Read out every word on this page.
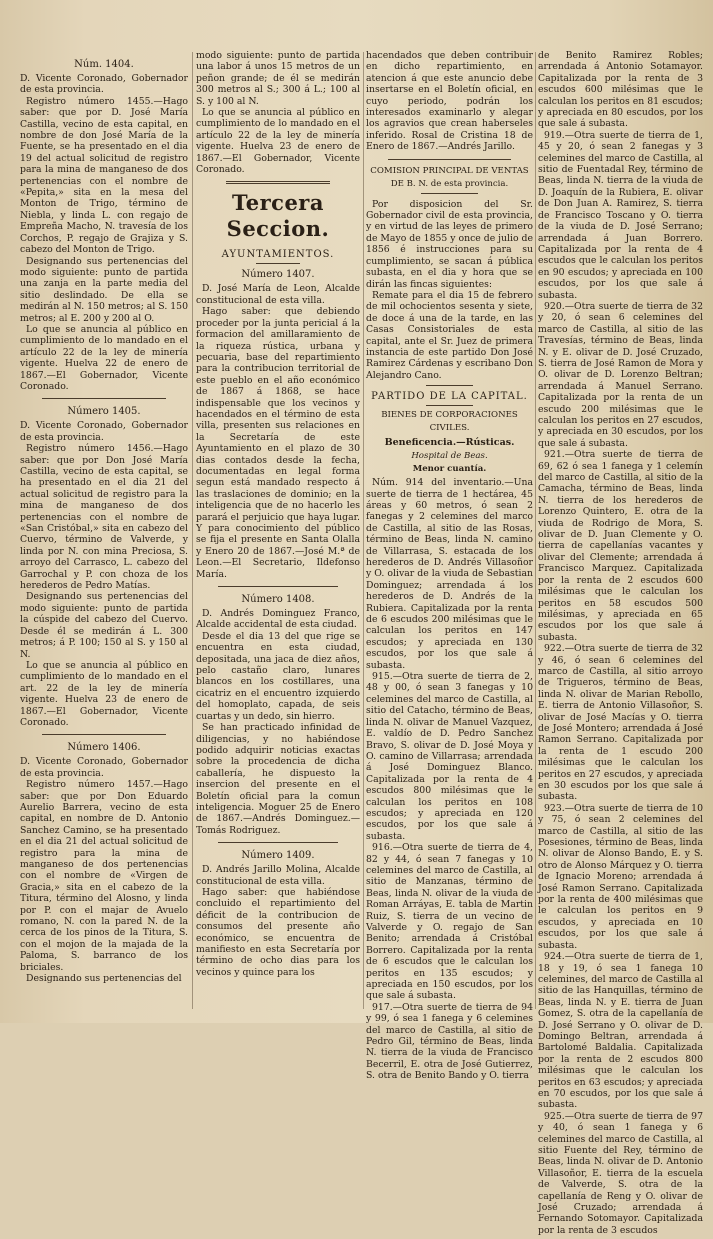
Núm. 1404.

D. Vicente Coronado, Gobernador de esta provincia.

Registro número 1455.—Hago saber: que por D. José María Castilla, vecino de esta capital, en nombre de don José María de la Fuente, se ha presentado en el dia 19 del actual solicitud de registro para la mina de manganeso de dos pertenencias con el nombre de «Pepita,» sita en la mesa del Monton de Trigo, término de Niebla, y linda L. con regajo de Empreña Macho, N. travesía de los Corchos, P. regajo de Grajiza y S. cabezo del Monton de Trigo.

Designando sus pertenencias del modo siguiente: punto de partida una zanja en la parte media del sitio deslindado. De ella se medirán al N. 150 metros; al S. 150 metros; al E. 200 y 200 al O.

Lo que se anuncia al público en cumplimiento de lo mandado en el artículo 22 de la ley de minería vigente. Huelva 22 de enero de 1867.—El Gobernador, Vicente Coronado.

Número 1405.

D. Vicente Coronado, Gobernador de esta provincia.

Registro número 1456.—Hago saber: que por Don José María Castilla, vecino de esta capital, se ha presentado en el dia 21 del actual solicitud de registro para la mina de manganeso de dos pertenencias con el nombre de «San Cristóbal,» sita en cabezo del Cuervo, término de Valverde, y linda por N. con mina Preciosa, S. arroyo del Carrasco, L. cabezo del Garrochal y P. con choza de los herederos de Pedro Matías.

Designando sus pertenencias del modo siguiente: punto de partida la cúspide del cabezo del Cuervo. Desde él se medirán á L. 300 metros; á P. 100; 150 al S. y 150 al N.

Lo que se anuncia al público en cumplimiento de lo mandado en el art. 22 de la ley de minería vigente. Huelva 23 de enero de 1867.—El Gobernador, Vicente Coronado.

Número 1406.

D. Vicente Coronado, Gobernador de esta provincia.

Registro número 1457.—Hago saber: que por Don Eduardo Aurelio Barrera, vecino de esta capital, en nombre de D. Antonio Sanchez Camino, se ha presentado en el dia 21 del actual solicitud de registro para la mina de manganeso de dos pertenencias con el nombre de «Virgen de Gracia,» sita en el cabezo de la Titura, término del Alosno, y linda por P. con el majar de Avuelo romano, N. con la pared N. de la cerca de los pinos de la Titura, S. con el mojon de la majada de la Paloma, S. barranco de los briciales.

Designando sus pertenencias del

modo siguiente: punto de partida una labor á unos 15 metros de un peñon grande; de él se medirán 300 metros al S.; 300 á L.; 100 al S. y 100 al N.

Lo que se anuncia al público en cumplimiento de lo mandado en el artículo 22 de la ley de minería vigente. Huelva 23 de enero de 1867.—El Gobernador, Vicente Coronado.

Tercera Seccion.
AYUNTAMIENTOS.
Número 1407.

D. José María de Leon, Alcalde constitucional de esta villa.

Hago saber: que debiendo proceder por la junta pericial á la formacion del amillaramiento de la riqueza rústica, urbana y pecuaria, base del repartimiento para la contribucion territorial de este pueblo en el año económico de 1867 á 1868, se hace indispensable que los vecinos y hacendados en el término de esta villa, presenten sus relaciones en la Secretaría de este Ayuntamiento en el plazo de 30 dias contados desde la fecha, documentadas en legal forma segun está mandado respecto á las traslaciones de dominio; en la inteligencia que de no hacerlo les parará el perjuicio que haya lugar. Y para conocimiento del público se fija el presente en Santa Olalla y Enero 20 de 1867.—José M.ª de Leon.—El Secretario, Ildefonso María.

Número 1408.

D. Andrés Dominguez Franco, Alcalde accidental de esta ciudad.

Desde el dia 13 del que rige se encuentra en esta ciudad, depositada, una jaca de diez años, pelo castaño claro, lunares blancos en los costillares, una cicatriz en el encuentro izquierdo del homoplato, capada, de seis cuartas y un dedo, sin hierro.

Se han practicado infinidad de diligencias, y no habiéndose podido adquirir noticias exactas sobre la procedencia de dicha caballería, he dispuesto la insercion del presente en el Boletín oficial para la comun inteligencia. Moguer 25 de Enero de 1867.—Andrés Dominguez.—Tomás Rodriguez.

Número 1409.

D. Andrés Jarillo Molina, Alcalde constitucional de esta villa.

Hago saber: que habiéndose concluido el repartimiento del déficit de la contribucion de consumos del presente año económico, se encuentra de manifiesto en esta Secretaría por término de ocho dias para los vecinos y quince para los

hacendados que deben contribuir en dicho repartimiento, en atencion á que este anuncio debe insertarse en el Boletín oficial, en cuyo periodo, podrán los interesados examinarlo y alegar los agravios que crean haberseles inferido. Rosal de Cristina 18 de Enero de 1867.—Andrés Jarillo.

COMISION PRINCIPAL DE VENTAS
DE B. N. de esta provincia.

Por disposicion del Sr. Gobernador civil de esta provincia, y en virtud de las leyes de primero de Mayo de 1855 y once de julio de 1856 é instrucciones para su cumplimiento, se sacan á pública subasta, en el dia y hora que se dirán las fincas siguientes:

Remate para el dia 15 de febrero de mil ochocientos sesenta y siete, de doce á una de la tarde, en las Casas Consistoriales de esta capital, ante el Sr. Juez de primera instancia de este partido Don José Ramirez Cárdenas y escribano Don Alejandro Cano.

PARTIDO DE LA CAPITAL.
BIENES DE CORPORACIONES
CIVILES.
Beneficencia.—Rústicas.
Hospital de Beas.
Menor cuantía.

Núm. 914 del inventario.—Una suerte de tierra de 1 hectárea, 45 áreas y 60 metros, ó sean 2 fanegas y 2 celemines del marco de Castilla, al sitio de las Rosas, término de Beas, linda N. camino de Villarrasa, S. estacada de los herederos de D. Andrés Villasoñor y O. olivar de la viuda de Sebastian Dominguez; arrendada á los herederos de D. Andrés de la Rubiera. Capitalizada por la renta de 6 escudos 200 milésimas que le calculan los peritos en 147 escudos; y apreciada en 130 escudos, por los que sale á subasta.

915.—Otra suerte de tierra de 2, 48 y 00, ó sean 3 fanegas y 10 celemines del marco de Castilla, al sitio del Catacho, término de Beas, linda N. olivar de Manuel Vazquez, E. valdío de D. Pedro Sanchez Bravo, S. olivar de D. José Moya y O. camino de Villarrasa; arrendada á José Dominguez Blanco. Capitalizada por la renta de 4 escudos 800 milésimas que le calculan los peritos en 108 escudos; y apreciada en 120 escudos, por los que sale á subasta.

916.—Otra suerte de tierra de 4, 82 y 44, ó sean 7 fanegas y 10 celemines del marco de Castilla, al sitio de Manzanas, término de Beas, linda N. olivar de la viuda de Roman Arráyas, E. tabla de Martin Ruiz, S. tierra de un vecino de Valverde y O. regajo de San Benito; arrendada á Cristóbal Borrero. Capitalizada por la renta de 6 escudos que le calculan los peritos en 135 escudos; y apreciada en 150 escudos, por los que sale á subasta.

917.—Otra suerte de tierra de 94 y 99, ó sea 1 fanega y 6 celemines del marco de Castilla, al sitio de Pedro Gil, término de Beas, linda N. tierra de la viuda de Francisco Becerril, E. otra de José Gutierrez, S. otra de Benito Bando y O. tierra

de Benito Ramirez Robles; arrendada á Antonio Sotamayor. Capitalizada por la renta de 3 escudos 600 milésimas que le calculan los peritos en 81 escudos; y apreciada en 80 escudos, por los que sale á subasta.

919.—Otra suerte de tierra de 1, 45 y 20, ó sean 2 fanegas y 3 celemines del marco de Castilla, al sitio de Fuentadal Rey, término de Beas, linda N. tierra de la viuda de D. Joaquín de la Rubiera, E. olivar de Don Juan A. Ramirez, S. tierra de Francisco Toscano y O. tierra de la viuda de D. José Serrano; arrendada á Juan Borrero. Capitalizada por la renta de 4 escudos que le calculan los peritos en 90 escudos; y apreciada en 100 escudos, por los que sale á subasta.

920.—Otra suerte de tierra de 32 y 20, ó sean 6 celemines del marco de Castilla, al sitio de las Travesías, término de Beas, linda N. y E. olivar de D. José Cruzado, S. tierra de José Ramon de Mora y O. olivar de D. Lorenzo Beltran; arrendada á Manuel Serrano. Capitalizada por la renta de un escudo 200 milésimas que le calculan los peritos en 27 escudos, y apreciada en 30 escudos, por los que sale á subasta.

921.—Otra suerte de tierra de 69, 62 ó sea 1 fanega y 1 celemín del marco de Castilla, al sitio de la Camacha, término de Beas, linda N. tierra de los herederos de Lorenzo Quintero, E. otra de la viuda de Rodrigo de Mora, S. olivar de D. Juan Clemente y O. tierra de capellanías vacantes y olivar del Clemente; arrendada á Francisco Marquez. Capitalizada por la renta de 2 escudos 600 milésimas que le calculan los peritos en 58 escudos 500 milésimas, y apreciada en 65 escudos por los que sale á subasta.

922.—Otra suerte de tierra de 32 y 46, ó sean 6 celemines del marco de Castilla, al sitio arroyo de Trigueros, término de Beas, linda N. olivar de Marian Rebollo, E. tierra de Antonio Villasoñor, S. olivar de José Macías y O. tierra de José Montero; arrendada á José Ramon Serrano. Capitalizada por la renta de 1 escudo 200 milésimas que le calculan los peritos en 27 escudos, y apreciada en 30 escudos por los que sale á subasta.

923.—Otra suerte de tierra de 10 y 75, ó sean 2 celemines del marco de Castilla, al sitio de las Posesiones, término de Beas, linda N. olivar de Alonso Bando, E. y S. otro de Alonso Márquez y O. tierra de Ignacio Moreno; arrendada á José Ramon Serrano. Capitalizada por la renta de 400 milésimas que le calculan los peritos en 9 escudos, y apreciada en 10 escudos, por los que sale á subasta.

924.—Otra suerte de tierra de 1, 18 y 19, ó sea 1 fanega 10 celemines, del marco de Castilla al sitio de las Hanquillas, término de Beas, linda N. y E. tierra de Juan Gomez, S. otra de la capellanía de D. José Serrano y O. olivar de D. Domingo Beltran, arrendada á Bartolomé Baldalia. Capitalizada por la renta de 2 escudos 800 milésimas que le calculan los peritos en 63 escudos; y apreciada en 70 escudos, por los que sale á subasta.

925.—Otra suerte de tierra de 97 y 40, ó sean 1 fanega y 6 celemines del marco de Castilla, al sitio Fuente del Rey, término de Beas, linda N. olivar de D. Antonio Villasoñor, E. tierra de la escuela de Valverde, S. otra de la capellanía de Reng y O. olivar de José Cruzado; arrendada á Fernando Sotomayor. Capitalizada por la renta de 3 escudos
